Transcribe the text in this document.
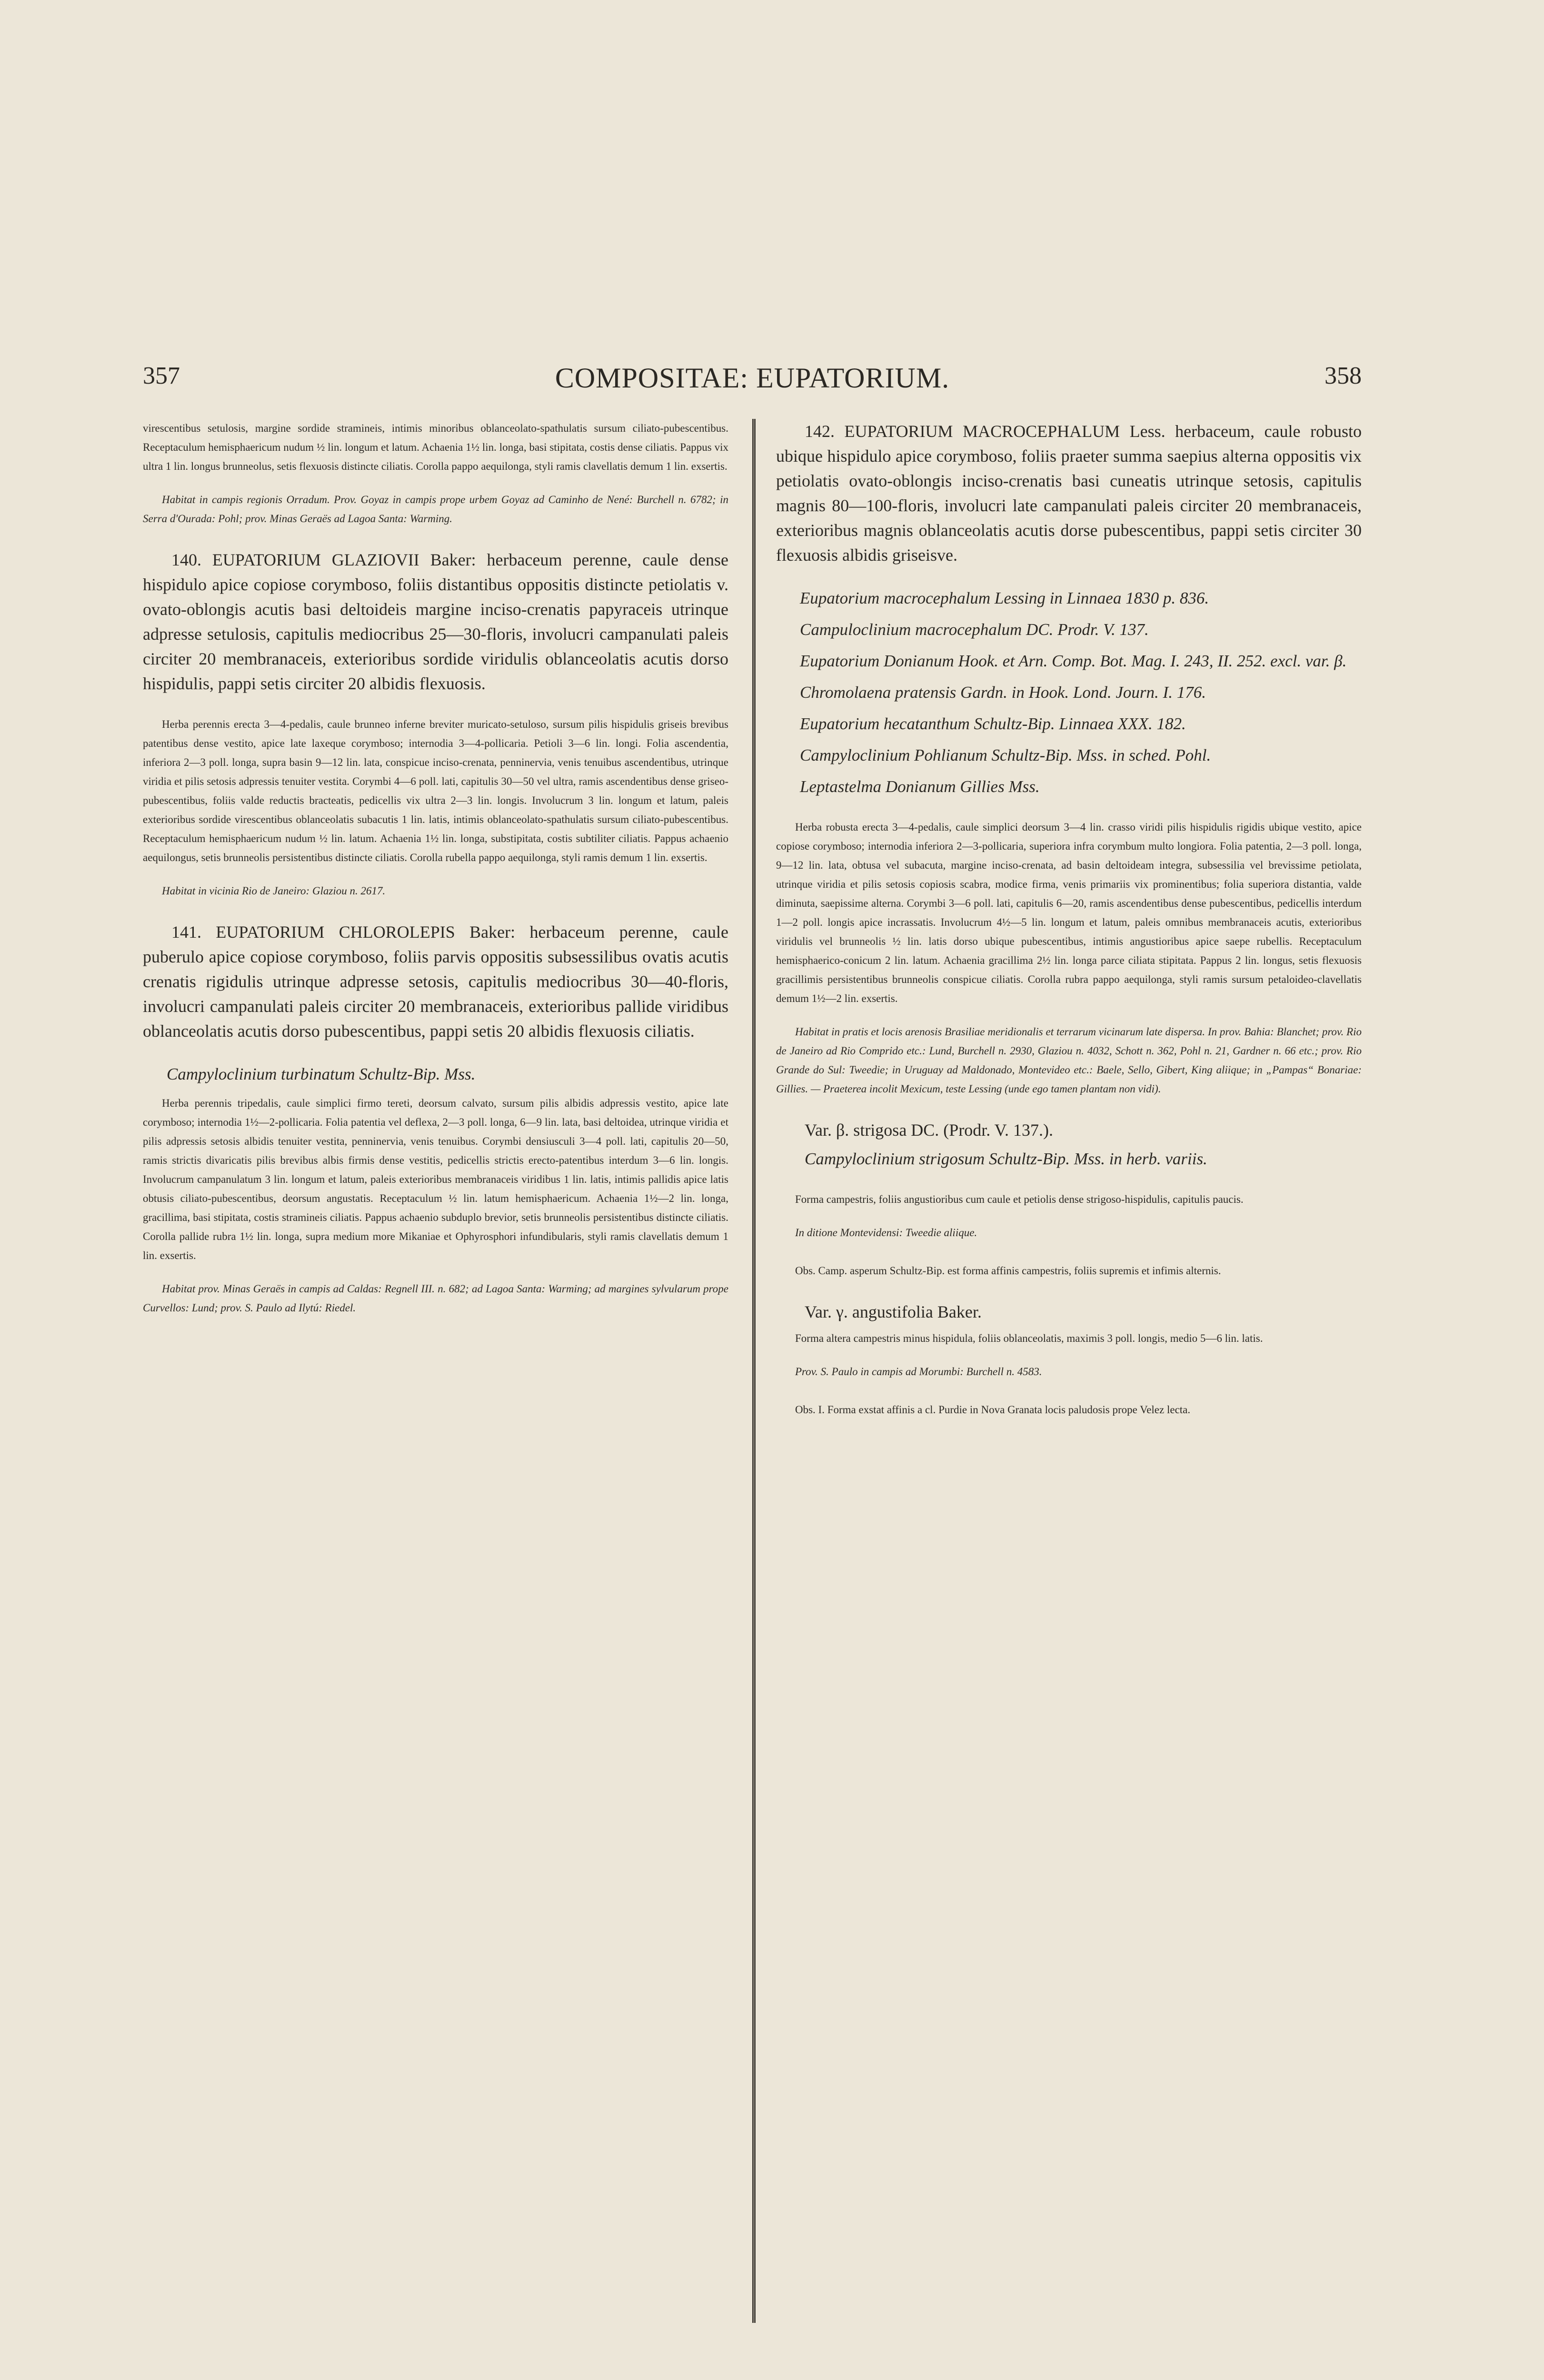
357	COMPOSITAE: EUPATORIUM.	358

virescentibus setulosis, margine sordide stramineis, intimis minoribus oblanceolato-spathulatis sursum ciliato-pubescentibus. Receptaculum hemisphaericum nudum ½ lin. longum et latum. Achaenia 1½ lin. longa, basi stipitata, costis dense ciliatis. Pappus vix ultra 1 lin. longus brunneolus, setis flexuosis distincte ciliatis. Corolla pappo aequilonga, styli ramis clavellatis demum 1 lin. exsertis.

Habitat in campis regionis Orradum. Prov. Goyaz in campis prope urbem Goyaz ad Caminho de Nené: Burchell n. 6782; in Serra d'Ourada: Pohl; prov. Minas Geraës ad Lagoa Santa: Warming.

140. EUPATORIUM GLAZIOVII Baker: herbaceum perenne, caule dense hispidulo apice copiose corymboso, foliis distantibus oppositis distincte petiolatis v. ovato-oblongis acutis basi deltoideis margine inciso-crenatis papyraceis utrinque adpresse setulosis, capitulis mediocribus 25—30-floris, involucri campanulati paleis circiter 20 membranaceis, exterioribus sordide viridulis oblanceolatis acutis dorso hispidulis, pappi setis circiter 20 albidis flexuosis.

Herba perennis erecta 3—4-pedalis, caule brunneo inferne breviter muricato-setuloso, sursum pilis hispidulis griseis brevibus patentibus dense vestito, apice late laxeque corymboso; internodia 3—4-pollicaria. Petioli 3—6 lin. longi. Folia ascendentia, inferiora 2—3 poll. longa, supra basin 9—12 lin. lata, conspicue inciso-crenata, penninervia, venis tenuibus ascendentibus, utrinque viridia et pilis setosis adpressis tenuiter vestita. Corymbi 4—6 poll. lati, capitulis 30—50 vel ultra, ramis ascendentibus dense griseo-pubescentibus, foliis valde reductis bracteatis, pedicellis vix ultra 2—3 lin. longis. Involucrum 3 lin. longum et latum, paleis exterioribus sordide virescentibus oblanceolatis subacutis 1 lin. latis, intimis oblanceolato-spathulatis sursum ciliato-pubescentibus. Receptaculum hemisphaericum nudum ½ lin. latum. Achaenia 1½ lin. longa, substipitata, costis subtiliter ciliatis. Pappus achaenio aequilongus, setis brunneolis persistentibus distincte ciliatis. Corolla rubella pappo aequilonga, styli ramis demum 1 lin. exsertis.

Habitat in vicinia Rio de Janeiro: Glaziou n. 2617.

141. EUPATORIUM CHLOROLEPIS Baker: herbaceum perenne, caule puberulo apice copiose corymboso, foliis parvis oppositis subsessilibus ovatis acutis crenatis rigidulis utrinque adpresse setosis, capitulis mediocribus 30—40-floris, involucri campanulati paleis circiter 20 membranaceis, exterioribus pallide viridibus oblanceolatis acutis dorso pubescentibus, pappi setis 20 albidis flexuosis ciliatis.

Campyloclinium turbinatum Schultz-Bip. Mss.

Herba perennis tripedalis, caule simplici firmo tereti, deorsum calvato, sursum pilis albidis adpressis vestito, apice late corymboso; internodia 1½—2-pollicaria. Folia patentia vel deflexa, 2—3 poll. longa, 6—9 lin. lata, basi deltoidea, utrinque viridia et pilis adpressis setosis albidis tenuiter vestita, penninervia, venis tenuibus. Corymbi densiusculi 3—4 poll. lati, capitulis 20—50, ramis strictis divaricatis pilis brevibus albis firmis dense vestitis, pedicellis strictis erecto-patentibus interdum 3—6 lin. longis. Involucrum campanulatum 3 lin. longum et latum, paleis exterioribus membranaceis viridibus 1 lin. latis, intimis pallidis apice latis obtusis ciliato-pubescentibus, deorsum angustatis. Receptaculum ½ lin. latum hemisphaericum. Achaenia 1½—2 lin. longa, gracillima, basi stipitata, costis stramineis ciliatis. Pappus achaenio subduplo brevior, setis brunneolis persistentibus distincte ciliatis. Corolla pallide rubra 1½ lin. longa, supra medium more Mikaniae et Ophyrosphori infundibularis, styli ramis clavellatis demum 1 lin. exsertis.

Habitat prov. Minas Geraës in campis ad Caldas: Regnell III. n. 682; ad Lagoa Santa: Warming; ad margines sylvularum prope Curvellos: Lund; prov. S. Paulo ad Ilytú: Riedel.

142. EUPATORIUM MACROCEPHALUM Less. herbaceum, caule robusto ubique hispidulo apice corymboso, foliis praeter summa saepius alterna oppositis vix petiolatis ovato-oblongis inciso-crenatis basi cuneatis utrinque setosis, capitulis magnis 80—100-floris, involucri late campanulati paleis circiter 20 membranaceis, exterioribus magnis oblanceolatis acutis dorse pubescentibus, pappi setis circiter 30 flexuosis albidis griseisve.

Eupatorium macrocephalum Lessing in Linnaea 1830 p. 836.

Campuloclinium macrocephalum DC. Prodr. V. 137.

Eupatorium Donianum Hook. et Arn. Comp. Bot. Mag. I. 243, II. 252. excl. var. β.

Chromolaena pratensis Gardn. in Hook. Lond. Journ. I. 176.

Eupatorium hecatanthum Schultz-Bip. Linnaea XXX. 182.

Campyloclinium Pohlianum Schultz-Bip. Mss. in sched. Pohl.

Leptastelma Donianum Gillies Mss.

Herba robusta erecta 3—4-pedalis, caule simplici deorsum 3—4 lin. crasso viridi pilis hispidulis rigidis ubique vestito, apice copiose corymboso; internodia inferiora 2—3-pollicaria, superiora infra corymbum multo longiora. Folia patentia, 2—3 poll. longa, 9—12 lin. lata, obtusa vel subacuta, margine inciso-crenata, ad basin deltoideam integra, subsessilia vel brevissime petiolata, utrinque viridia et pilis setosis copiosis scabra, modice firma, venis primariis vix prominentibus; folia superiora distantia, valde diminuta, saepissime alterna. Corymbi 3—6 poll. lati, capitulis 6—20, ramis ascendentibus dense pubescentibus, pedicellis interdum 1—2 poll. longis apice incrassatis. Involucrum 4½—5 lin. longum et latum, paleis omnibus membranaceis acutis, exterioribus viridulis vel brunneolis ½ lin. latis dorso ubique pubescentibus, intimis angustioribus apice saepe rubellis. Receptaculum hemisphaerico-conicum 2 lin. latum. Achaenia gracillima 2½ lin. longa parce ciliata stipitata. Pappus 2 lin. longus, setis flexuosis gracillimis persistentibus brunneolis conspicue ciliatis. Corolla rubra pappo aequilonga, styli ramis sursum petaloideo-clavellatis demum 1½—2 lin. exsertis.

Habitat in pratis et locis arenosis Brasiliae meridionalis et terrarum vicinarum late dispersa. In prov. Bahia: Blanchet; prov. Rio de Janeiro ad Rio Comprido etc.: Lund, Burchell n. 2930, Glaziou n. 4032, Schott n. 362, Pohl n. 21, Gardner n. 66 etc.; prov. Rio Grande do Sul: Tweedie; in Uruguay ad Maldonado, Montevideo etc.: Baele, Sello, Gibert, King aliique; in „Pampas“ Bonariae: Gillies. — Praeterea incolit Mexicum, teste Lessing (unde ego tamen plantam non vidi).

Var. β. strigosa DC. (Prodr. V. 137.).

Campyloclinium strigosum Schultz-Bip. Mss. in herb. variis.

Forma campestris, foliis angustioribus cum caule et petiolis dense strigoso-hispidulis, capitulis paucis.

In ditione Montevidensi: Tweedie aliique.

Obs. Camp. asperum Schultz-Bip. est forma affinis campestris, foliis supremis et infimis alternis.

Var. γ. angustifolia Baker.

Forma altera campestris minus hispidula, foliis oblanceolatis, maximis 3 poll. longis, medio 5—6 lin. latis.

Prov. S. Paulo in campis ad Morumbi: Burchell n. 4583.

Obs. I. Forma exstat affinis a cl. Purdie in Nova Granata locis paludosis prope Velez lecta.
